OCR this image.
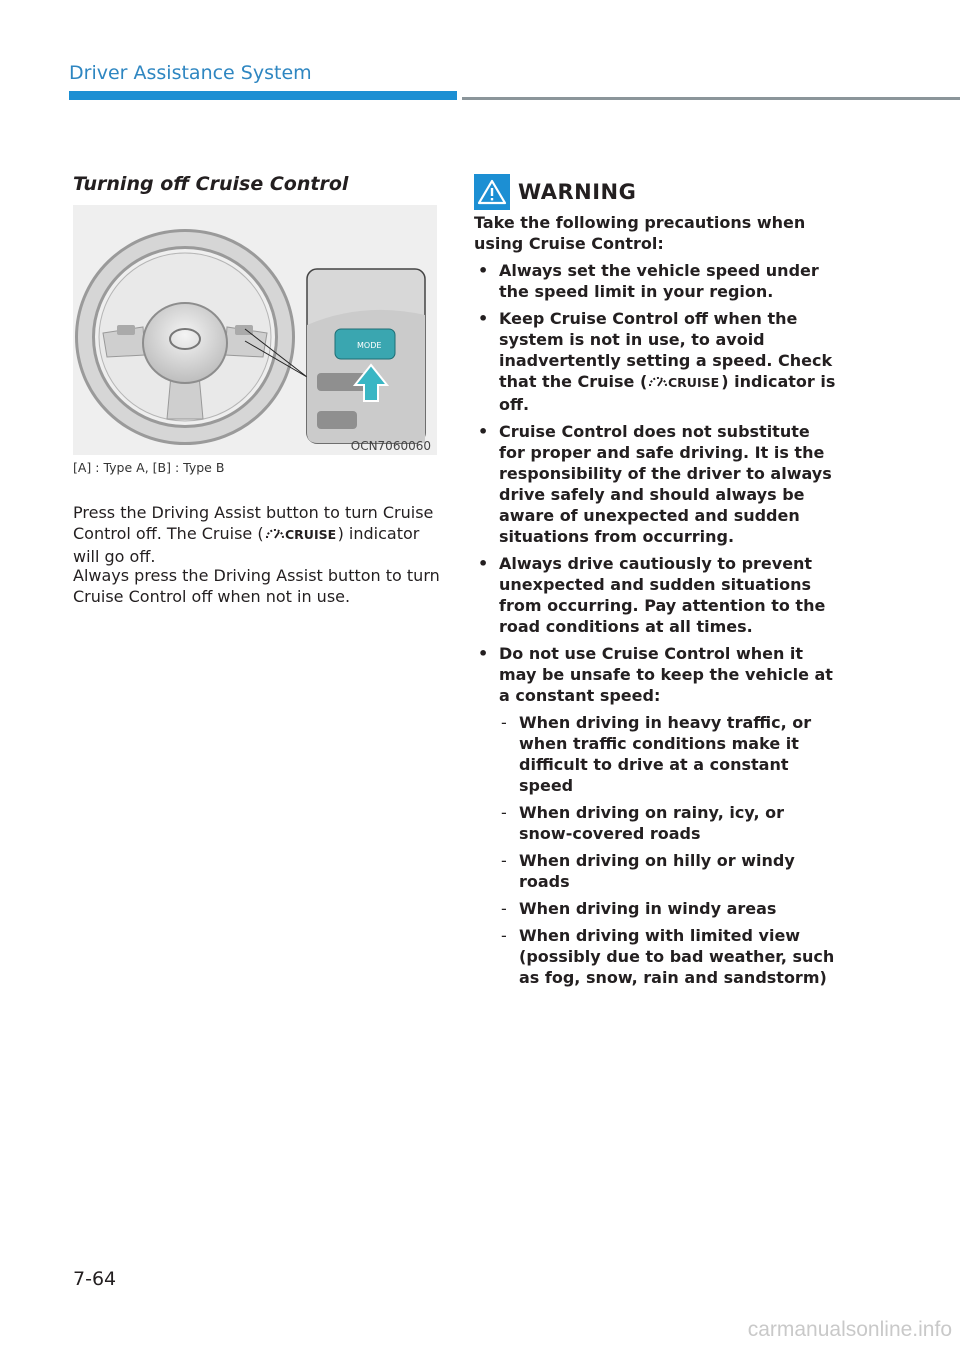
Driver Assistance System
Turning off Cruise Control
MODE
OCN7060060
[A] : Type A, [B] : Type B
Press the Driving Assist button to turn Cruise Control off. The Cruise ( CRUISE ) indicator will go off.
Always press the Driving Assist button to turn Cruise Control off when not in use.
WARNING

Take the following precautions when using Cruise Control:

• Always set the vehicle speed under the speed limit in your region.
• Keep Cruise Control off when the system is not in use, to avoid inadvertently setting a speed. Check that the Cruise ( CRUISE ) indicator is off.
• Cruise Control does not substitute for proper and safe driving. It is the responsibility of the driver to always drive safely and should always be aware of unexpected and sudden situations from occurring.
• Always drive cautiously to prevent unexpected and sudden situations from occurring. Pay attention to the road conditions at all times.
• Do not use Cruise Control when it may be unsafe to keep the vehicle at a constant speed:
- When driving in heavy traffic, or when traffic conditions make it difficult to drive at a constant speed
- When driving on rainy, icy, or snow-covered roads
- When driving on hilly or windy roads
- When driving in windy areas
- When driving with limited view (possibly due to bad weather, such as fog, snow, rain and sandstorm)
7-64
carmanualsonline.info
